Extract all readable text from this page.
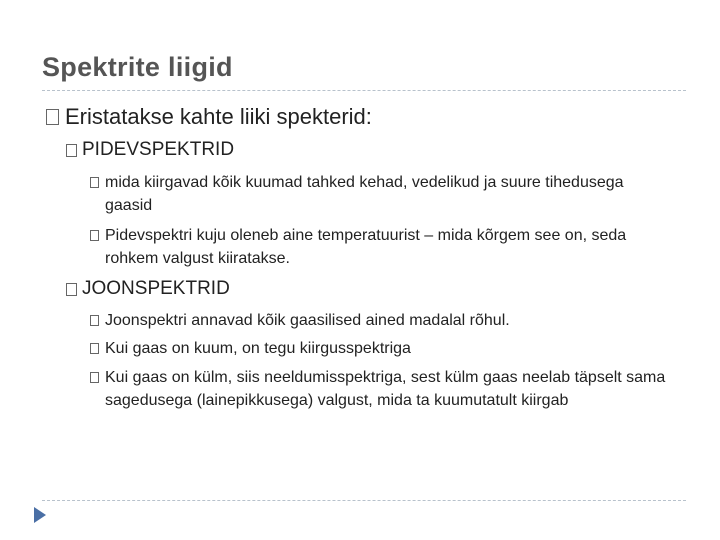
Spektrite liigid
Eristatakse kahte liiki spekterid:
PIDEVSPEKTRID
mida kiirgavad kõik kuumad tahked kehad, vedelikud ja suure tihedusega gaasid
Pidevspektri kuju oleneb aine temperatuurist – mida kõrgem see on, seda rohkem valgust kiiratakse.
JOONSPEKTRID
Joonspektri annavad kõik gaasilised ained madalal rõhul.
Kui gaas on kuum, on tegu kiirgusspektriga
Kui gaas on külm, siis neeldumisspektriga, sest külm gaas neelab täpselt sama sagedusega (lainepikkusega) valgust, mida ta kuumutatult kiirgab
